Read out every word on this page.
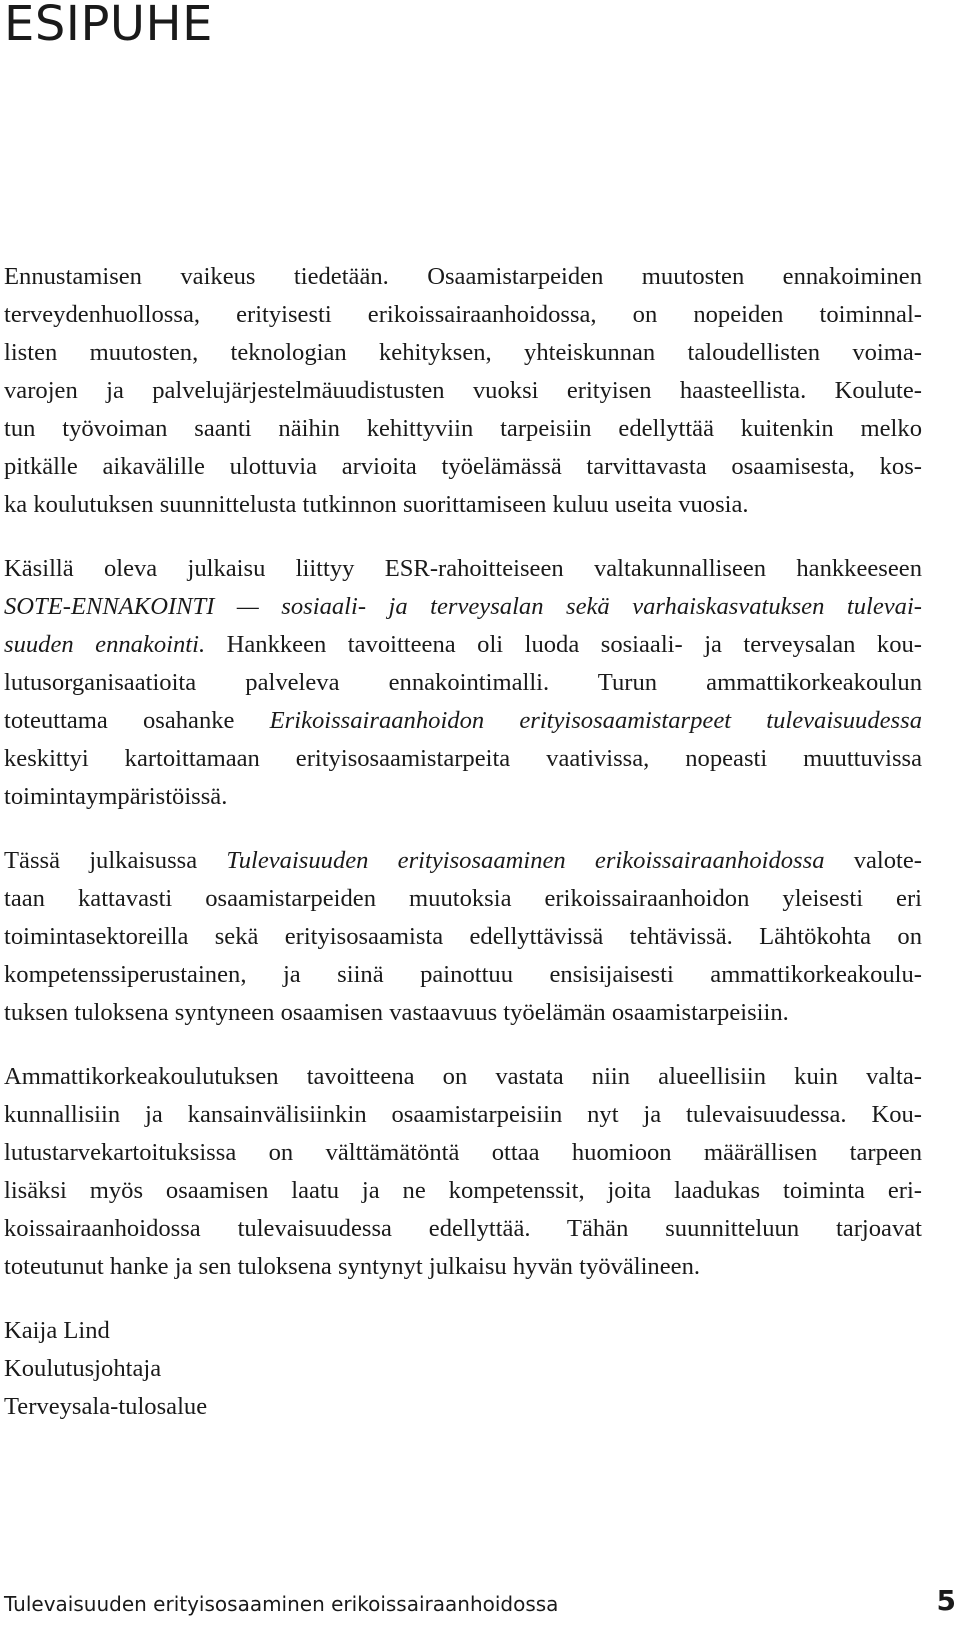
ESIPUHE

Ennustamisen vaikeus tiedetään. Osaamistarpeiden muutosten ennakoiminen
terveydenhuollossa, erityisesti erikoissairaanhoidossa, on nopeiden toiminnal-
listen muutosten, teknologian kehityksen, yhteiskunnan taloudellisten voima-
varojen ja palvelujärjestelmäuudistusten vuoksi erityisen haasteellista. Koulute-
tun työvoiman saanti näihin kehittyviin tarpeisiin edellyttää kuitenkin melko
pitkälle aikavälille ulottuvia arvioita työelämässä tarvittavasta osaamisesta, kos-
ka koulutuksen suunnittelusta tutkinnon suorittamiseen kuluu useita vuosia.

Käsillä oleva julkaisu liittyy ESR-rahoitteiseen valtakunnalliseen hankkeeseen
SOTE-ENNAKOINTI — sosiaali- ja terveysalan sekä varhaiskasvatuksen tulevai-
suuden ennakointi. Hankkeen tavoitteena oli luoda sosiaali- ja terveysalan kou-
lutusorganisaatioita palveleva ennakointimalli. Turun ammattikorkeakoulun
toteuttama osahanke Erikoissairaanhoidon erityisosaamistarpeet tulevaisuudessa
keskittyi kartoittamaan erityisosaamistarpeita vaativissa, nopeasti muuttuvissa
toimintaympäristöissä.

Tässä julkaisussa Tulevaisuuden erityisosaaminen erikoissairaanhoidossa valote-
taan kattavasti osaamistarpeiden muutoksia erikoissairaanhoidon yleisesti eri
toimintasektoreilla sekä erityisosaamista edellyttävissä tehtävissä. Lähtökohta on
kompetenssiperustainen, ja siinä painottuu ensisijaisesti ammattikorkeakoulu-
tuksen tuloksena syntyneen osaamisen vastaavuus työelämän osaamistarpeisiin.

Ammattikorkeakoulutuksen tavoitteena on vastata niin alueellisiin kuin valta-
kunnallisiin ja kansainvälisiinkin osaamistarpeisiin nyt ja tulevaisuudessa. Kou-
lutustarvekartoituksissa on välttämätöntä ottaa huomioon määrällisen tarpeen
lisäksi myös osaamisen laatu ja ne kompetenssit, joita laadukas toiminta eri-
koissairaanhoidossa tulevaisuudessa edellyttää. Tähän suunnitteluun tarjoavat
toteutunut hanke ja sen tuloksena syntynyt julkaisu hyvän työvälineen.

Kaija Lind
Koulutusjohtaja
Terveysala-tulosalue

Tulevaisuuden erityisosaaminen erikoissairaanhoidossa	5
